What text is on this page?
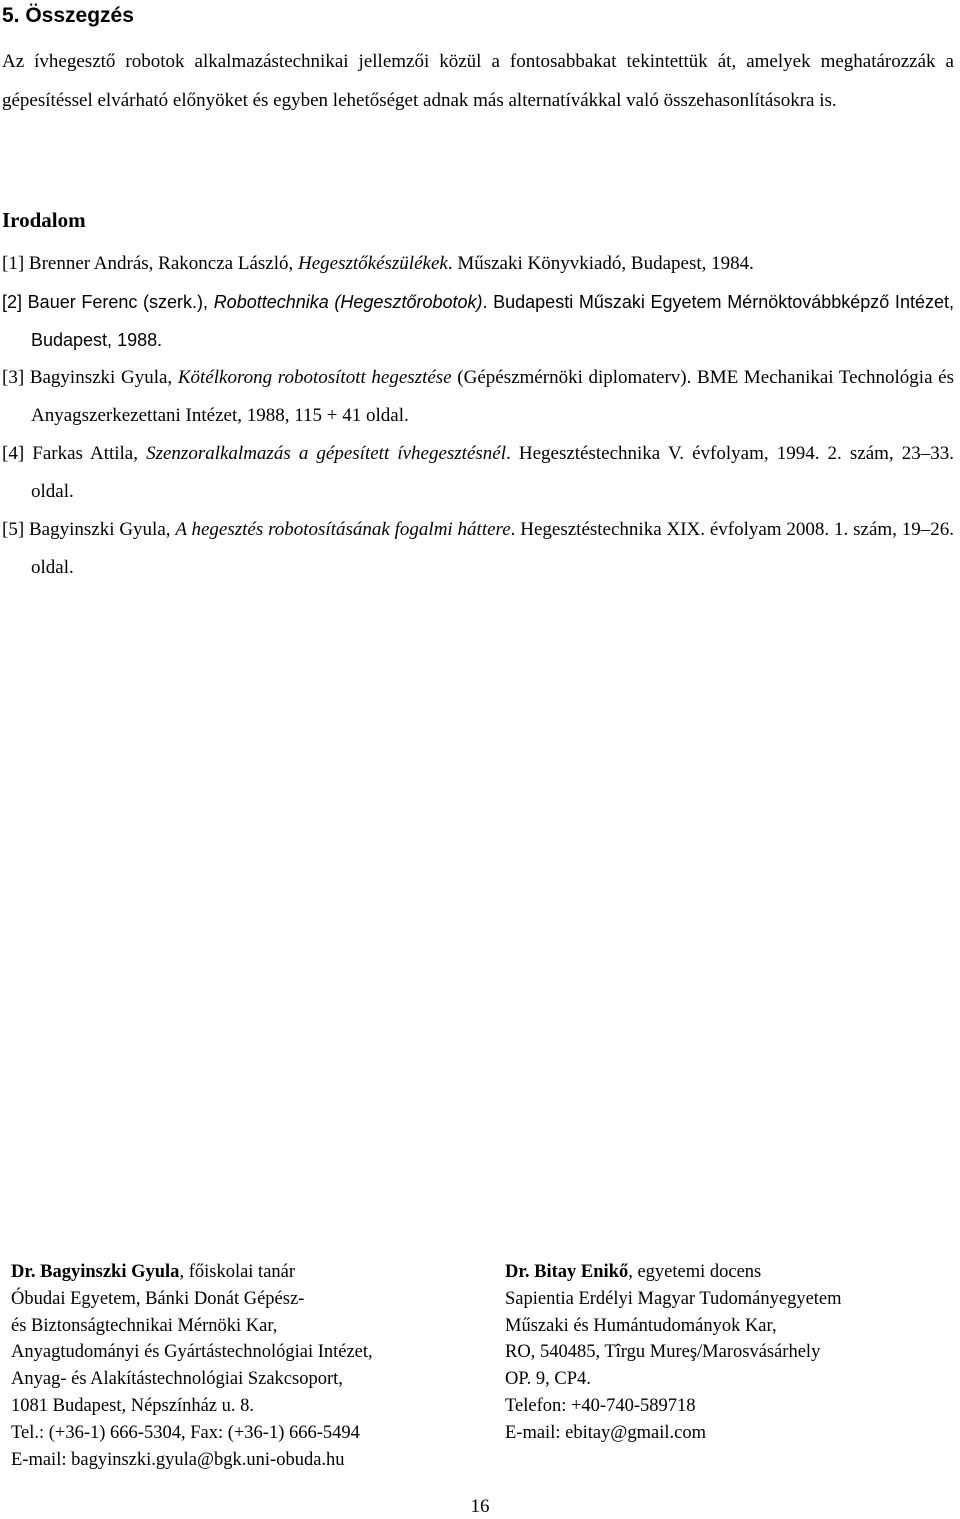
5. Összegzés

Az ívhegesztő robotok alkalmazástechnikai jellemzői közül a fontosabbakat tekintettük át, amelyek meghatározzák a gépesítéssel elvárható előnyöket és egyben lehetőséget adnak más alternatívákkal való összehasonlításokra is.

Irodalom
[1] Brenner András, Rakoncza László, Hegesztőkészülékek. Műszaki Könyvkiadó, Budapest, 1984.
[2] Bauer Ferenc (szerk.), Robottechnika (Hegesztőrobotok). Budapesti Műszaki Egyetem Mérnöktovábbképző Intézet, Budapest, 1988.
[3] Bagyinszki Gyula, Kötélkorong robotosított hegesztése (Gépészmérnöki diplomaterv). BME Mechanikai Technológia és Anyagszerkezettani Intézet, 1988, 115 + 41 oldal.
[4] Farkas Attila, Szenzoralkalmazás a gépesített ívhegesztésnél. Hegesztéstechnika V. évfolyam, 1994. 2. szám, 23–33. oldal.
[5] Bagyinszki Gyula, A hegesztés robotosításának fogalmi háttere. Hegesztéstechnika XIX. évfolyam 2008. 1. szám, 19–26. oldal.
Dr. Bagyinszki Gyula, főiskolai tanár
Óbudai Egyetem, Bánki Donát Gépész-
és Biztonságtechnikai Mérnöki Kar,
Anyagtudományi és Gyártástechnológiai Intézet,
Anyag- és Alakítástechnológiai Szakcsoport,
1081 Budapest, Népszínház u. 8.
Tel.: (+36-1) 666-5304, Fax: (+36-1) 666-5494
E-mail: bagyinszki.gyula@bgk.uni-obuda.hu
Dr. Bitay Enikő, egyetemi docens
Sapientia Erdélyi Magyar Tudományegyetem
Műszaki és Humántudományok Kar,
RO, 540485, Tîrgu Mureş/Marosvásárhely
OP. 9, CP4.
Telefon: +40-740-589718
E-mail: ebitay@gmail.com
16
